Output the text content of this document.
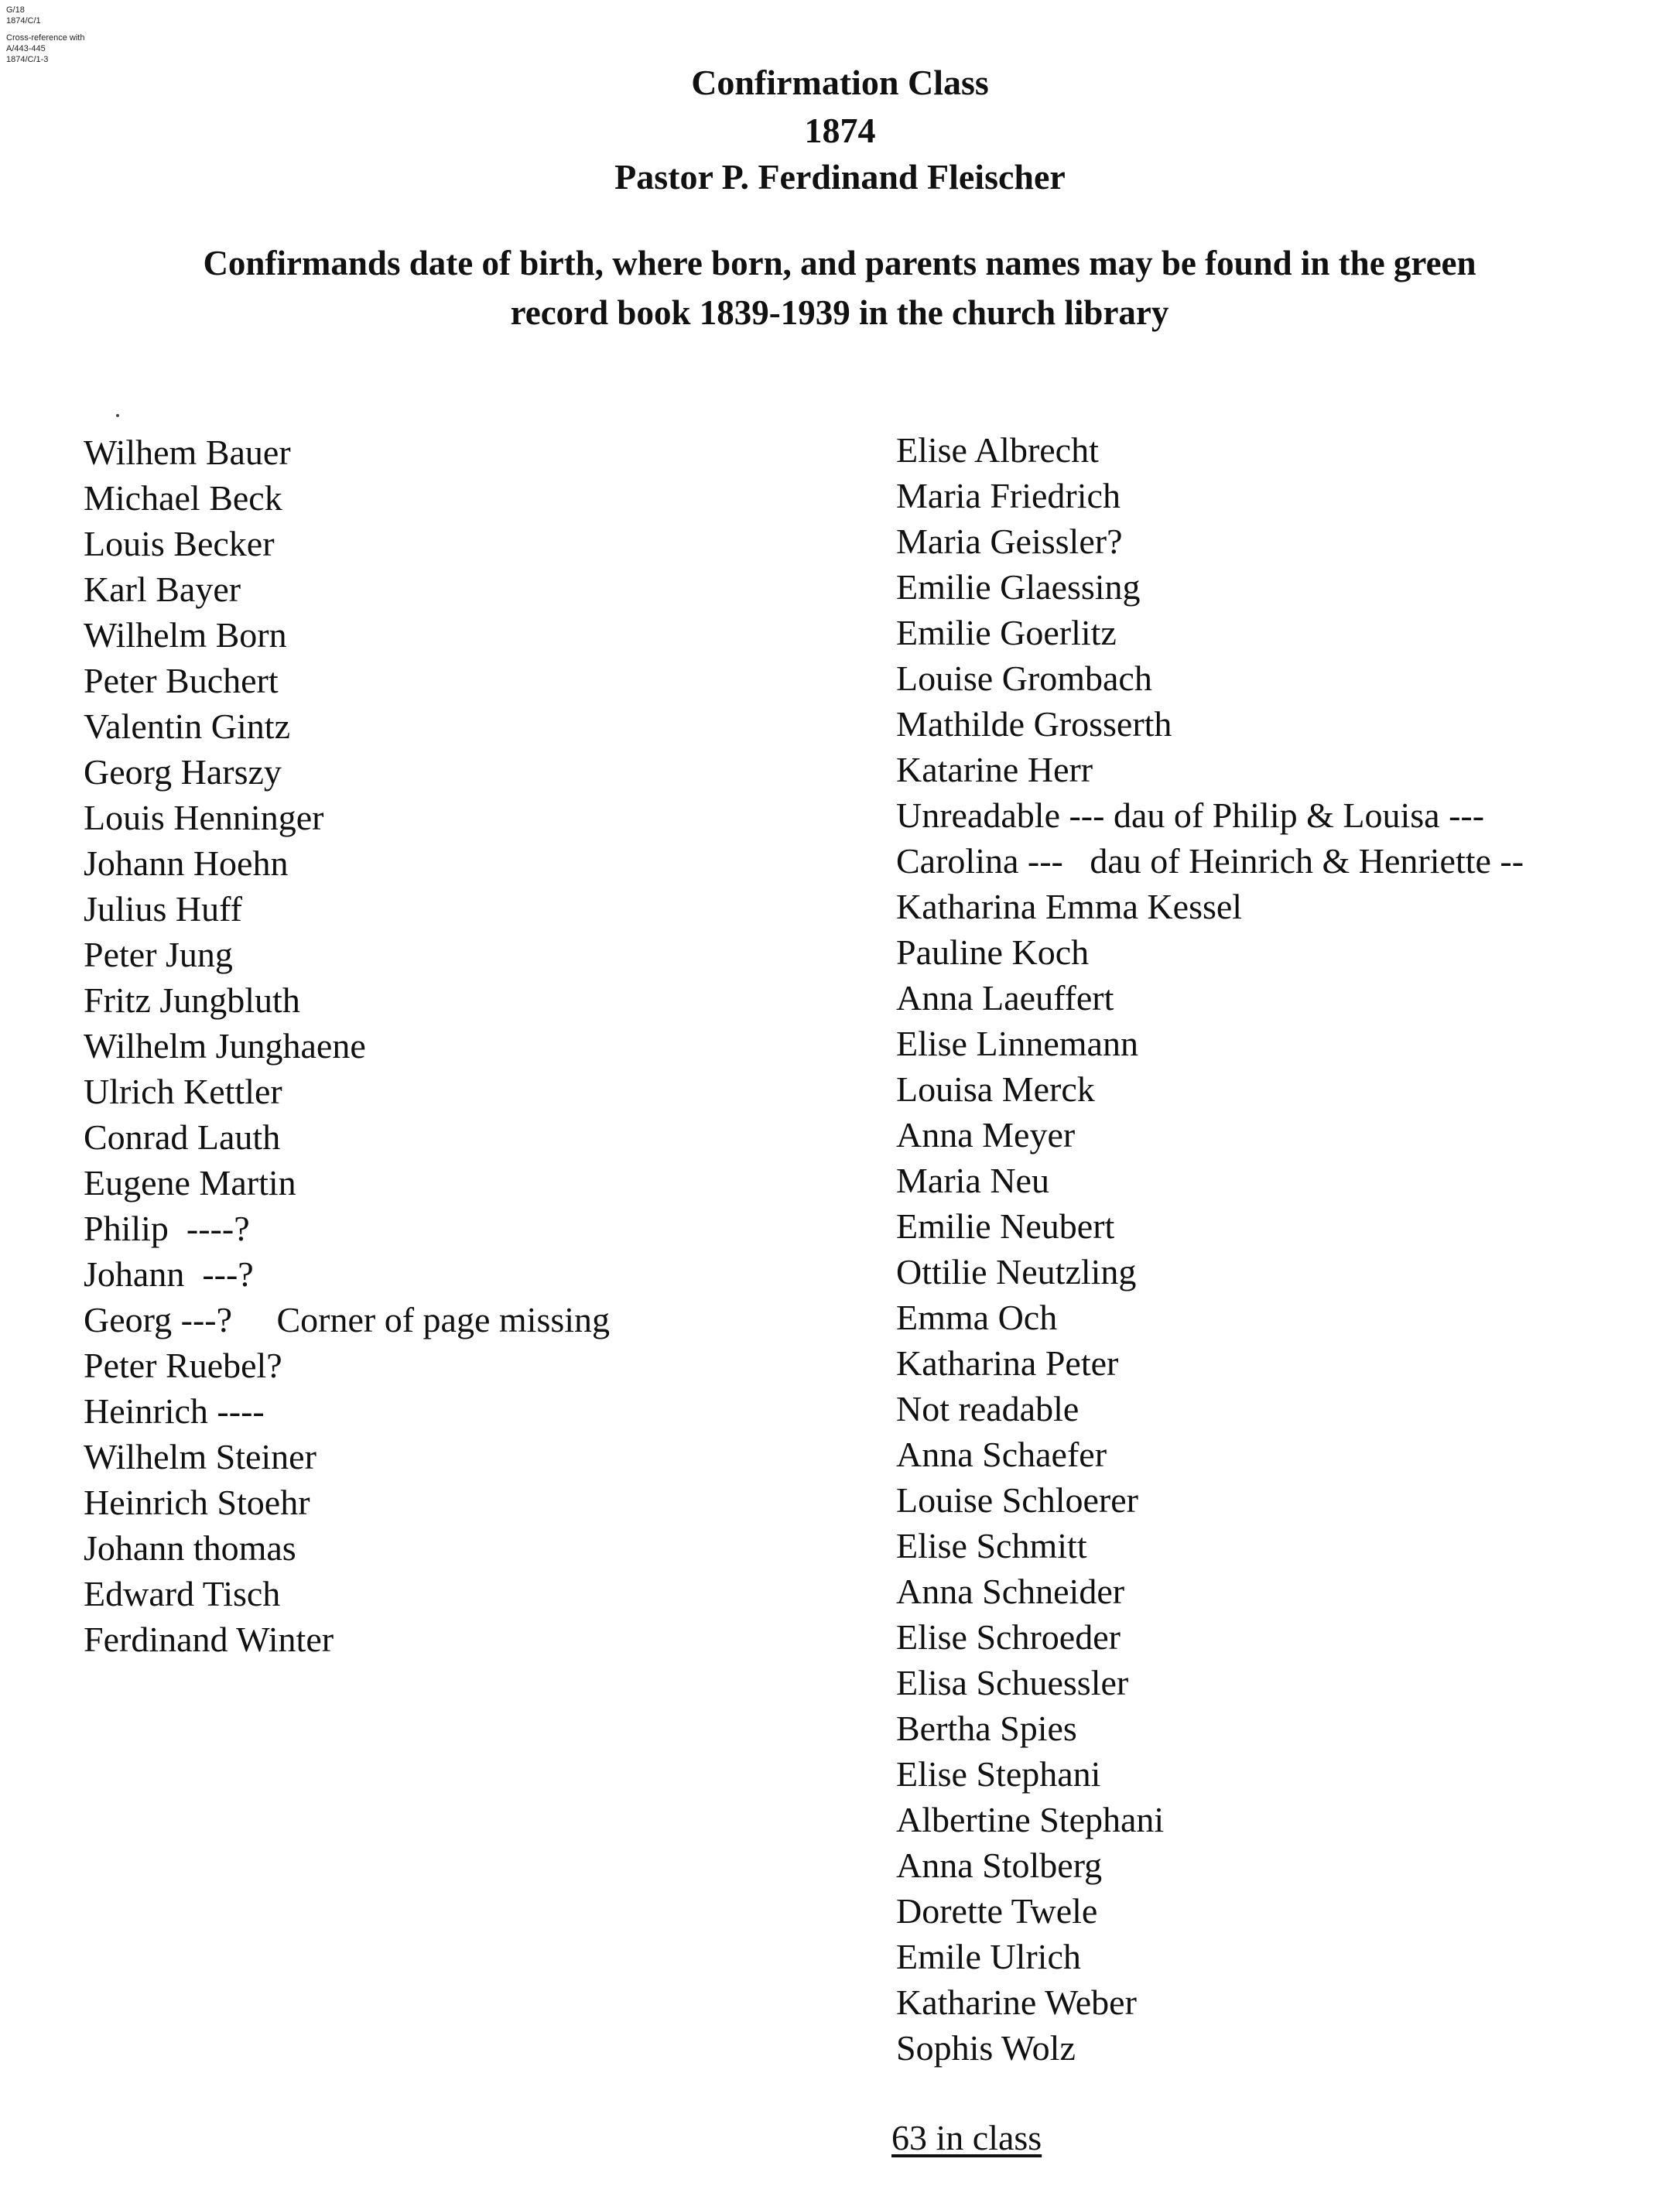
G/18
1874/C/1
Cross-reference with
A/443-445
1874/C/1-3
Confirmation Class
1874
Pastor P. Ferdinand Fleischer
Confirmands date of birth, where born, and parents names may be found in the green
record book 1839-1939 in the church library
Wilhem Bauer
Michael Beck
Louis Becker
Karl Bayer
Wilhelm Born
Peter Buchert
Valentin Gintz
Georg Harszy
Louis Henninger
Johann Hoehn
Julius Huff
Peter Jung
Fritz Jungbluth
Wilhelm Junghaene
Ulrich Kettler
Conrad Lauth
Eugene Martin
Philip  ----?
Johann  ---?
Georg ---?     Corner of page missing
Peter Ruebel?
Heinrich ----
Wilhelm Steiner
Heinrich Stoehr
Johann thomas
Edward Tisch
Ferdinand Winter
Elise Albrecht
Maria Friedrich
Maria Geissler?
Emilie Glaessing
Emilie Goerlitz
Louise Grombach
Mathilde Grosserth
Katarine Herr
Unreadable --- dau of Philip & Louisa ---
Carolina ---   dau of Heinrich & Henriette --
Katharina Emma Kessel
Pauline Koch
Anna Laeuffert
Elise Linnemann
Louisa Merck
Anna Meyer
Maria Neu
Emilie Neubert
Ottilie Neutzling
Emma Och
Katharina Peter
Not readable
Anna Schaefer
Louise Schloerer
Elise Schmitt
Anna Schneider
Elise Schroeder
Elisa Schuessler
Bertha Spies
Elise Stephani
Albertine Stephani
Anna Stolberg
Dorette Twele
Emile Ulrich
Katharine Weber
Sophis Wolz
63 in class
